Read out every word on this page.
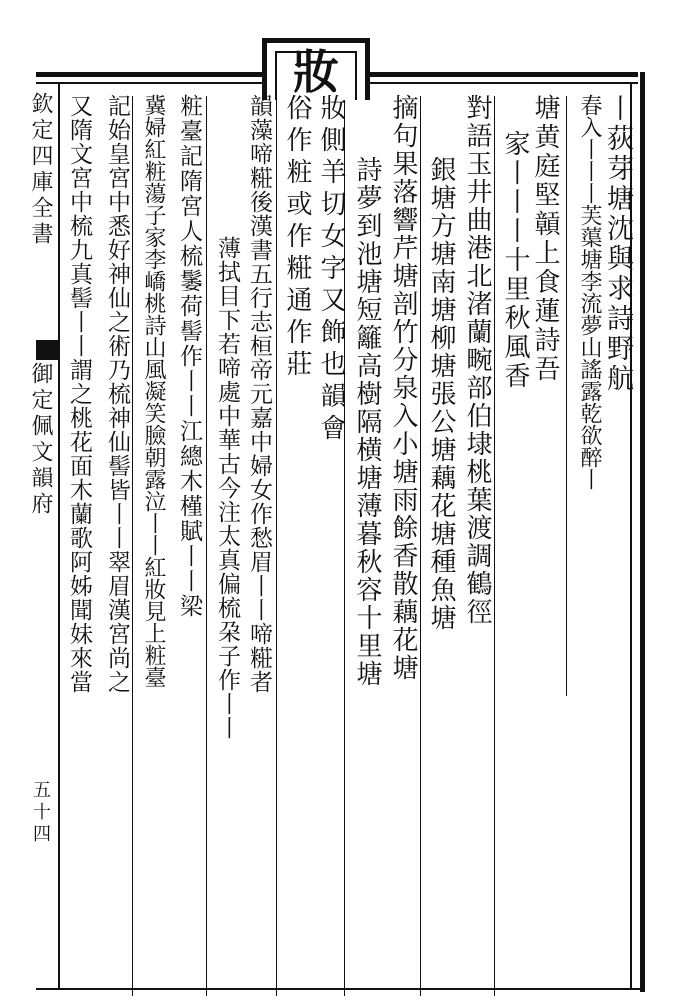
妝
欽定四庫全書
御定佩文韻府
五十四
丨荻芽塘沈與求詩野航
春入丨丨丨芙蕖塘李流夢山謠露乾欲醉丨
塘黄庭堅贑上食蓮詩吾
家丨丨丨十里秋風香
對語玉井曲港北渚蘭畹部伯埭桃葉渡調鶴徑
銀塘方塘南塘柳塘張公塘藕花塘種魚塘
摘句果落響芹塘剖竹分泉入小塘雨餘香散藕花塘
詩夢到池塘短籬高樹隔横塘薄暮秋容十里塘
妝側羊切女字又飾也韻會
俗作粧或作糚通作莊
韻藻啼糚後漢書五行志桓帝元嘉中婦女作愁眉丨丨啼糚者
薄拭目下若啼處中華古今注太真偏梳朶子作丨丨
粧臺記隋宮人梳䰀荷髻作丨丨江總木槿賦丨丨梁
冀婦紅粧蕩子家李嶠桃詩山風凝笑臉朝露泣丨丨紅妝見上粧臺
記始皇宮中悉好神仙之術乃梳神仙髻皆丨丨翠眉漢宮尚之
又隋文宮中梳九真髻丨丨謂之桃花面木蘭歌阿姊聞妹來當
